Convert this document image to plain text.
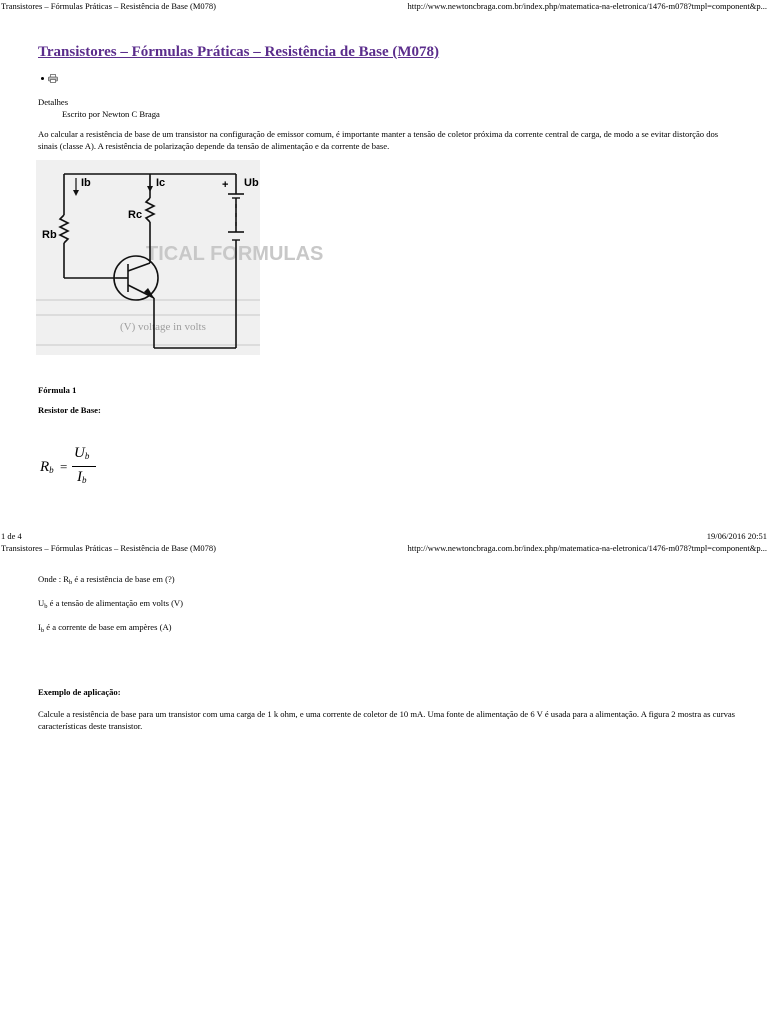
Transistores – Fórmulas Práticas – Resistência de Base (M078)	http://www.newtoncbraga.com.br/index.php/matematica-na-eletronica/1476-m078?tmpl=component&p...
Transistores – Fórmulas Práticas – Resistência de Base (M078)
Detalhes
Escrito por Newton C Braga
Ao calcular a resistência de base de um transistor na configuração de emissor comum, é importante manter a tensão de coletor próxima da corrente central de carga, de modo a se evitar distorção dos sinais (classe A). A resistência de polarização depende da tensão de alimentação e da corrente de base.
TICAL FORMULAS
(V) voltage in volts
Ib	Ic	Ub
+
Rc
Rb
Fórmula 1
Resistor de Base:
$R_b$ =
$U_b$
$I_b$
1 de 4	19/06/2016 20:51
Transistores – Fórmulas Práticas – Resistência de Base (M078)	http://www.newtoncbraga.com.br/index.php/matematica-na-eletronica/1476-m078?tmpl=component&p...
Onde : $R_b$ é a resistência de base em (?)
$U_b$ é a tensão de alimentação em volts (V)
$I_b$ é a corrente de base em ampères (A)
Exemplo de aplicação:
Calcule a resistência de base para um transistor com uma carga de 1 k ohm, e uma corrente de coletor de 10 mA. Uma fonte de alimentação de 6 V é usada para a alimentação. A figura 2 mostra as curvas características deste transistor.
